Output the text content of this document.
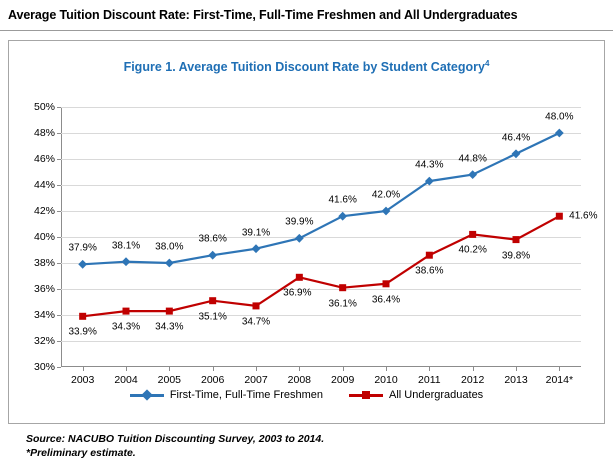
Average Tuition Discount Rate: First-Time, Full-Time Freshmen and All Undergraduates
Figure 1. Average Tuition Discount Rate by Student Category$^4$
30%
32%
34%
36%
38%
40%
42%
44%
46%
48%
50%
2003 2004 2005 2006 2007 2008 2009 2010 2011 2012 2013 2014*
37.9% 38.1% 38.0%
38.6%
39.1%
39.9%
41.6% 42.0%
44.3%
44.8%
46.4%
48.0%
33.9% 34.3% 34.3%
35.1% 34.7%
36.9%
36.1% 36.4%
38.6%
40.2% 39.8%
41.6%
First-Time, Full-Time Freshmen	All Undergraduates
Source: NACUBO Tuition Discounting Survey, 2003 to 2014.
*Preliminary estimate.
